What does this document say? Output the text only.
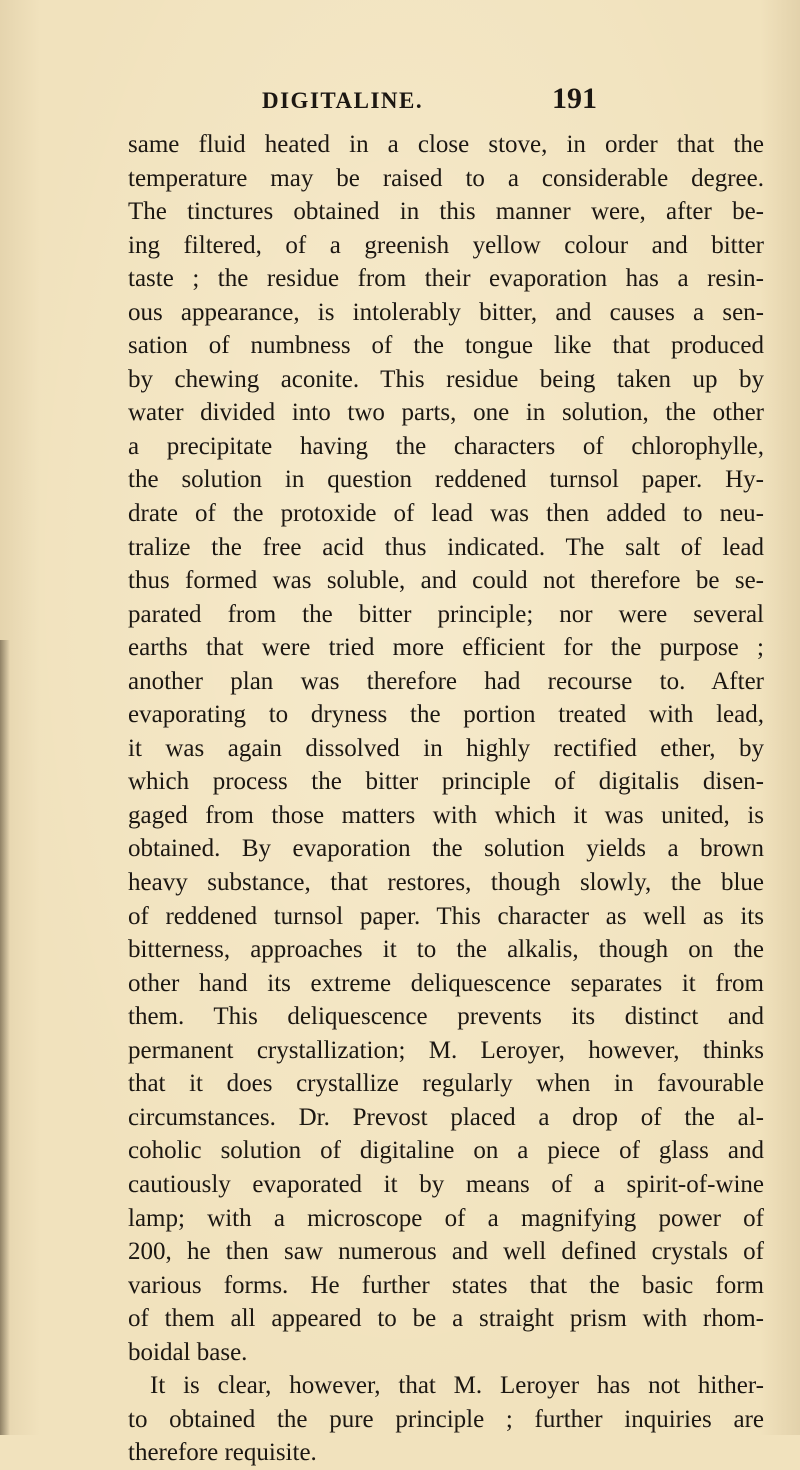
DIGITALINE.	191
same fluid heated in a close stove, in order that the
temperature may be raised to a considerable degree.
The tinctures obtained in this manner were, after be-
ing filtered, of a greenish yellow colour and bitter
taste ; the residue from their evaporation has a resin-
ous appearance, is intolerably bitter, and causes a sen-
sation of numbness of the tongue like that produced
by chewing aconite. This residue being taken up by
water divided into two parts, one in solution, the other
a precipitate having the characters of chlorophylle,
the solution in question reddened turnsol paper. Hy-
drate of the protoxide of lead was then added to neu-
tralize the free acid thus indicated. The salt of lead
thus formed was soluble, and could not therefore be se-
parated from the bitter principle; nor were several
earths that were tried more efficient for the purpose ;
another plan was therefore had recourse to. After
evaporating to dryness the portion treated with lead,
it was again dissolved in highly rectified ether, by
which process the bitter principle of digitalis disen-
gaged from those matters with which it was united, is
obtained. By evaporation the solution yields a brown
heavy substance, that restores, though slowly, the blue
of reddened turnsol paper. This character as well as its
bitterness, approaches it to the alkalis, though on the
other hand its extreme deliquescence separates it from
them. This deliquescence prevents its distinct and
permanent crystallization; M. Leroyer, however, thinks
that it does crystallize regularly when in favourable
circumstances. Dr. Prevost placed a drop of the al-
coholic solution of digitaline on a piece of glass and
cautiously evaporated it by means of a spirit-of-wine
lamp; with a microscope of a magnifying power of
200, he then saw numerous and well defined crystals of
various forms. He further states that the basic form
of them all appeared to be a straight prism with rhom-
boidal base.
It is clear, however, that M. Leroyer has not hither-
to obtained the pure principle ; further inquiries are
therefore requisite.
